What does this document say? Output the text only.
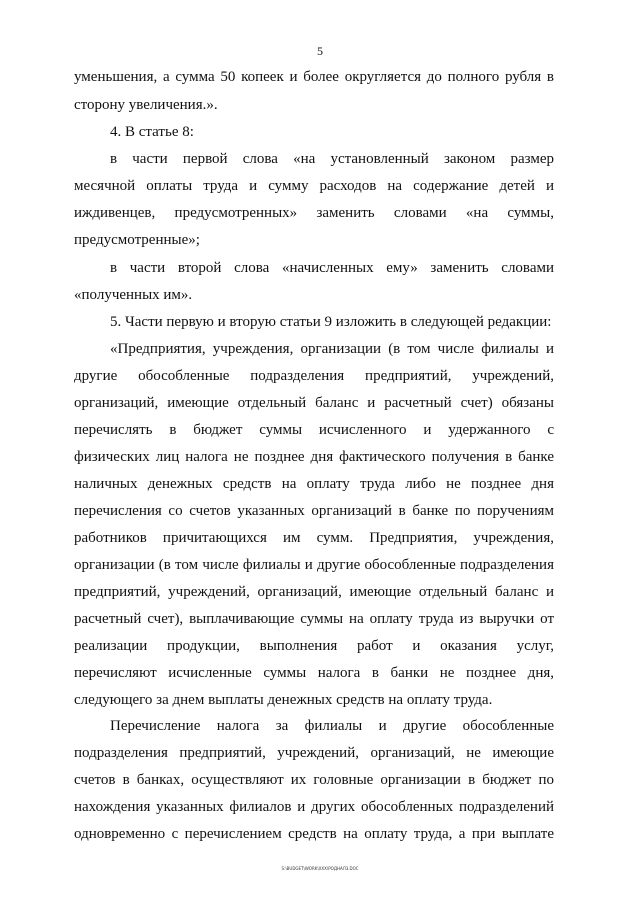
5
уменьшения, а сумма 50 копеек и более округляется до полного рубля в
сторону увеличения.».
4. В статье 8:
в части первой слова «на установленный законом размер
месячной оплаты труда и сумму расходов на содержание детей и
иждивенцев, предусмотренных» заменить словами «на суммы,
предусмотренные»;
в части второй слова «начисленных ему» заменить словами
«полученных им».
5. Части первую и вторую статьи 9 изложить в следующей редакции:
«Предприятия, учреждения, организации (в том числе филиалы и
другие обособленные подразделения предприятий, учреждений,
организаций, имеющие отдельный баланс и расчетный счет) обязаны
перечислять в бюджет суммы исчисленного и удержанного с
физических лиц налога не позднее дня фактического получения в банке
наличных денежных средств на оплату труда либо не позднее дня
перечисления со счетов указанных организаций в банке по поручениям
работников причитающихся им сумм. Предприятия, учреждения,
организации (в том числе филиалы и другие обособленные подразделения
предприятий, учреждений, организаций, имеющие отдельный баланс и
расчетный счет), выплачивающие суммы на оплату труда из выручки от
реализации продукции, выполнения работ и оказания услуг,
перечисляют исчисленные суммы налога в банки не позднее дня,
следующего за днем выплаты денежных средств на оплату труда.
Перечисление налога за филиалы и другие обособленные
подразделения предприятий, учреждений, организаций, не имеющие
счетов в банках, осуществляют их головные организации в бюджет по
нахождения указанных филиалов и других обособленных подразделений
одновременно с перечислением средств на оплату труда, а при выплате
S:\BUDGET\WORK\ХХХ\РОДНАЛ3.DOC
